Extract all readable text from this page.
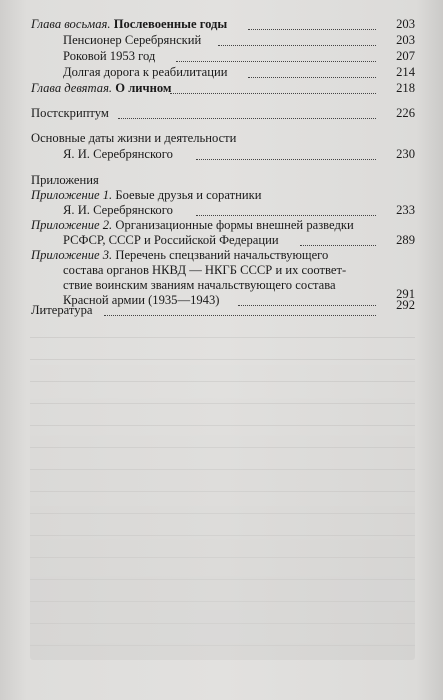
Глава восьмая. Послевоенные годы	203
Пенсионер Серебрянский	203
Роковой 1953 год	207
Долгая дорога к реабилитации	214
Глава девятая. О личном	218
Постскриптум	226
Основные даты жизни и деятельности
Я. И. Серебрянского	230
Приложения
Приложение 1. Боевые друзья и соратники
Я. И. Серебрянского	233
Приложение 2. Организационные формы внешней разведки
РСФСР, СССР и Российской Федерации	289
Приложение 3. Перечень спецзваний начальствующего
состава органов НКВД — НКГБ СССР и их соответ-
ствие воинским званиям начальствующего состава
Красной армии (1935—1943)	291
Литература	292
